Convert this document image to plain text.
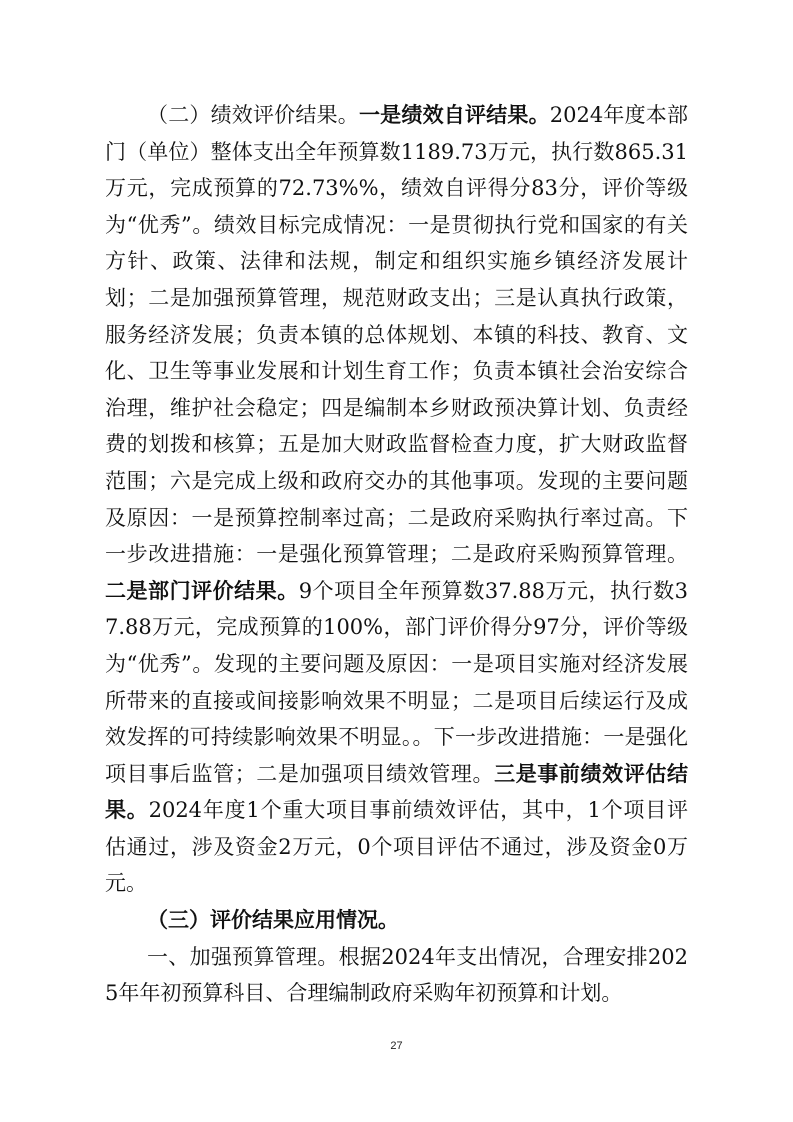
（二）绩效评价结果。一是绩效自评结果。2024年度本部门（单位）整体支出全年预算数1189.73万元，执行数865.31万元，完成预算的72.73%%，绩效自评得分83分，评价等级为“优秀”。绩效目标完成情况：一是贯彻执行党和国家的有关方针、政策、法律和法规，制定和组织实施乡镇经济发展计划；二是加强预算管理，规范财政支出；三是认真执行政策，服务经济发展；负责本镇的总体规划、本镇的科技、教育、文化、卫生等事业发展和计划生育工作；负责本镇社会治安综合治理，维护社会稳定；四是编制本乡财政预决算计划、负责经费的划拨和核算；五是加大财政监督检查力度，扩大财政监督范围；六是完成上级和政府交办的其他事项。发现的主要问题及原因：一是预算控制率过高；二是政府采购执行率过高。下一步改进措施：一是强化预算管理；二是政府采购预算管理。二是部门评价结果。9个项目全年预算数37.88万元，执行数37.88万元，完成预算的100%，部门评价得分97分，评价等级为“优秀”。发现的主要问题及原因：一是项目实施对经济发展所带来的直接或间接影响效果不明显；二是项目后续运行及成效发挥的可持续影响效果不明显。。下一步改进措施：一是强化项目事后监管；二是加强项目绩效管理。三是事前绩效评估结果。2024年度1个重大项目事前绩效评估，其中，1个项目评估通过，涉及资金2万元，0个项目评估不通过，涉及资金0万元。

（三）评价结果应用情况。

一、加强预算管理。根据2024年支出情况，合理安排2025年年初预算科目、合理编制政府采购年初预算和计划。

27
